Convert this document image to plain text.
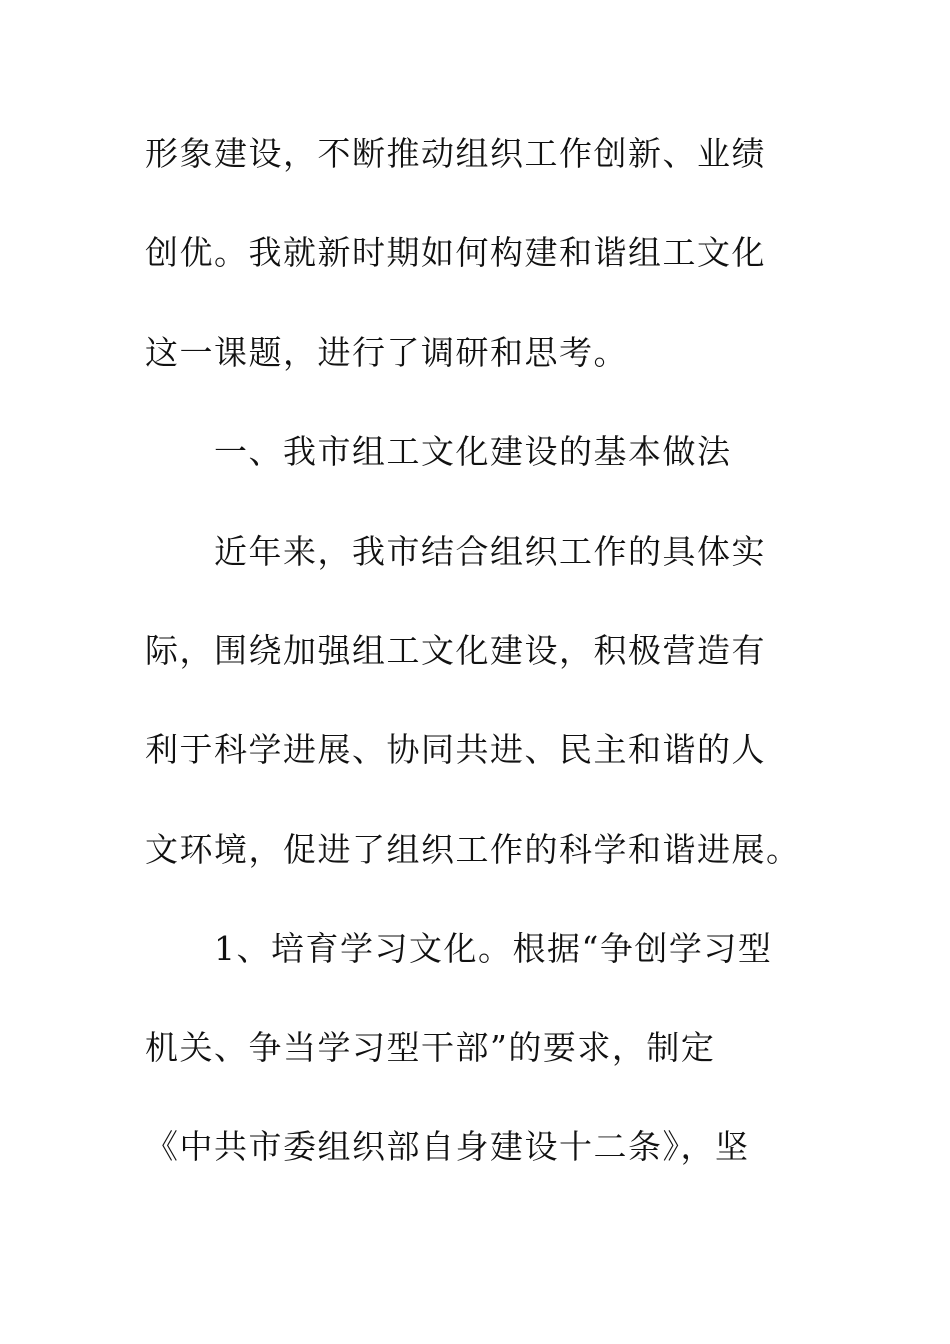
形象建设，不断推动组织工作创新、业绩
创优。我就新时期如何构建和谐组工文化
这一课题，进行了调研和思考。
一、我市组工文化建设的基本做法
近年来，我市结合组织工作的具体实
际，围绕加强组工文化建设，积极营造有
利于科学进展、协同共进、民主和谐的人
文环境，促进了组织工作的科学和谐进展。
1、培育学习文化。根据“争创学习型
机关、争当学习型干部”的要求，制定
《中共市委组织部自身建设十二条》，坚
